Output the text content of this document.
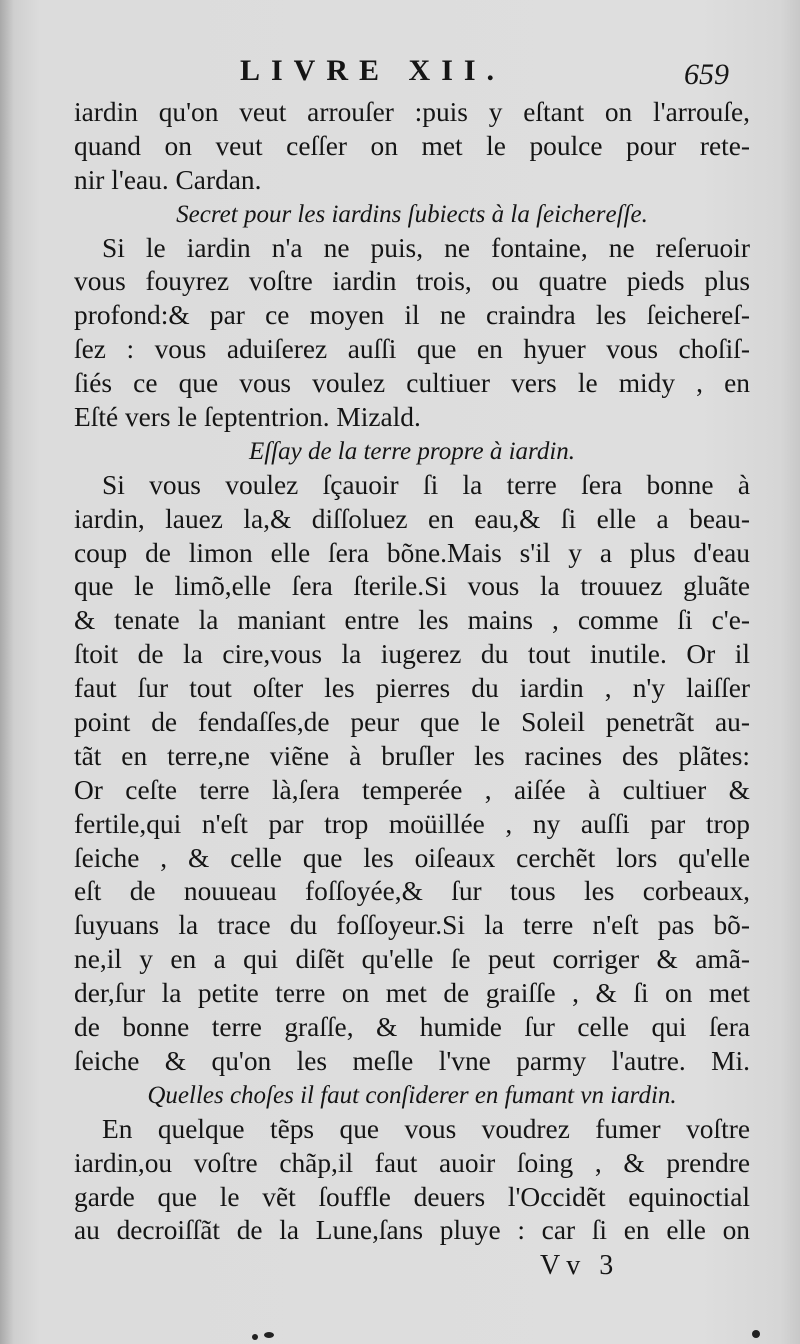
LIVRE XII.	659
iardin qu'on veut arrouſer :puis y eſtant on l'arrouſe,
quand on veut ceſſer on met le poulce pour rete-
nir l'eau. Cardan.
Secret pour les iardins ſubiects à la ſeicherеſſe.
Si le iardin n'a ne puis, ne fontaine, ne reſeruoir
vous fouyrez voſtre iardin trois, ou quatre pieds plus
profond:& par ce moyen il ne craindra les ſeichereſ-
ſez : vous aduiſerez auſſi que en hyuer vous choſiſ-
ſiés ce que vous voulez cultiuer vers le midy , en
Eſté vers le ſeptentrion. Mizald.
Eſſay de la terre propre à iardin.
Si vous voulez ſçauoir ſi la terre ſera bonne à
iardin, lauez la,& diſſoluez en eau,& ſi elle a beau-
coup de limon elle ſera bõne.Mais s'il y a plus d'eau
que le limõ,elle ſera ſterile.Si vous la trouuez gluãte
& tenate la maniant entre les mains , comme ſi c'e-
ſtoit de la cire,vous la iugerez du tout inutile. Or il
faut ſur tout oſter les pierres du iardin , n'y laiſſer
point de fendaſſes,de peur que le Soleil penetrãt au-
tãt en terre,ne viẽne à bruſler les racines des plãtes:
Or ceſte terre là,ſera temperée , aiſée à cultiuer &
fertile,qui n'eſt par trop moüillée , ny auſſi par trop
ſeiche , & celle que les oiſeaux cerchẽt lors qu'elle
eſt de nouueau foſſoyée,& ſur tous les corbeaux,
ſuyuans la trace du foſſoyeur.Si la terre n'eſt pas bõ-
ne,il y en a qui diſẽt qu'elle ſe peut corriger & amã-
der,ſur la petite terre on met de graiſſe , & ſi on met
de bonne terre graſſe, & humide ſur celle qui ſera
ſeiche & qu'on les meſle l'vne parmy l'autre. Mi.
Quelles choſes il faut conſiderer en fumant vn iardin.
En quelque tẽps que vous voudrez fumer voſtre
iardin,ou voſtre chãp,il faut auoir ſoing , & prendre
garde que le vẽt ſouffle deuers l'Occidẽt equinoctial
au decroiſſãt de la Lune,ſans pluye : car ſi en elle on
Vv 3
